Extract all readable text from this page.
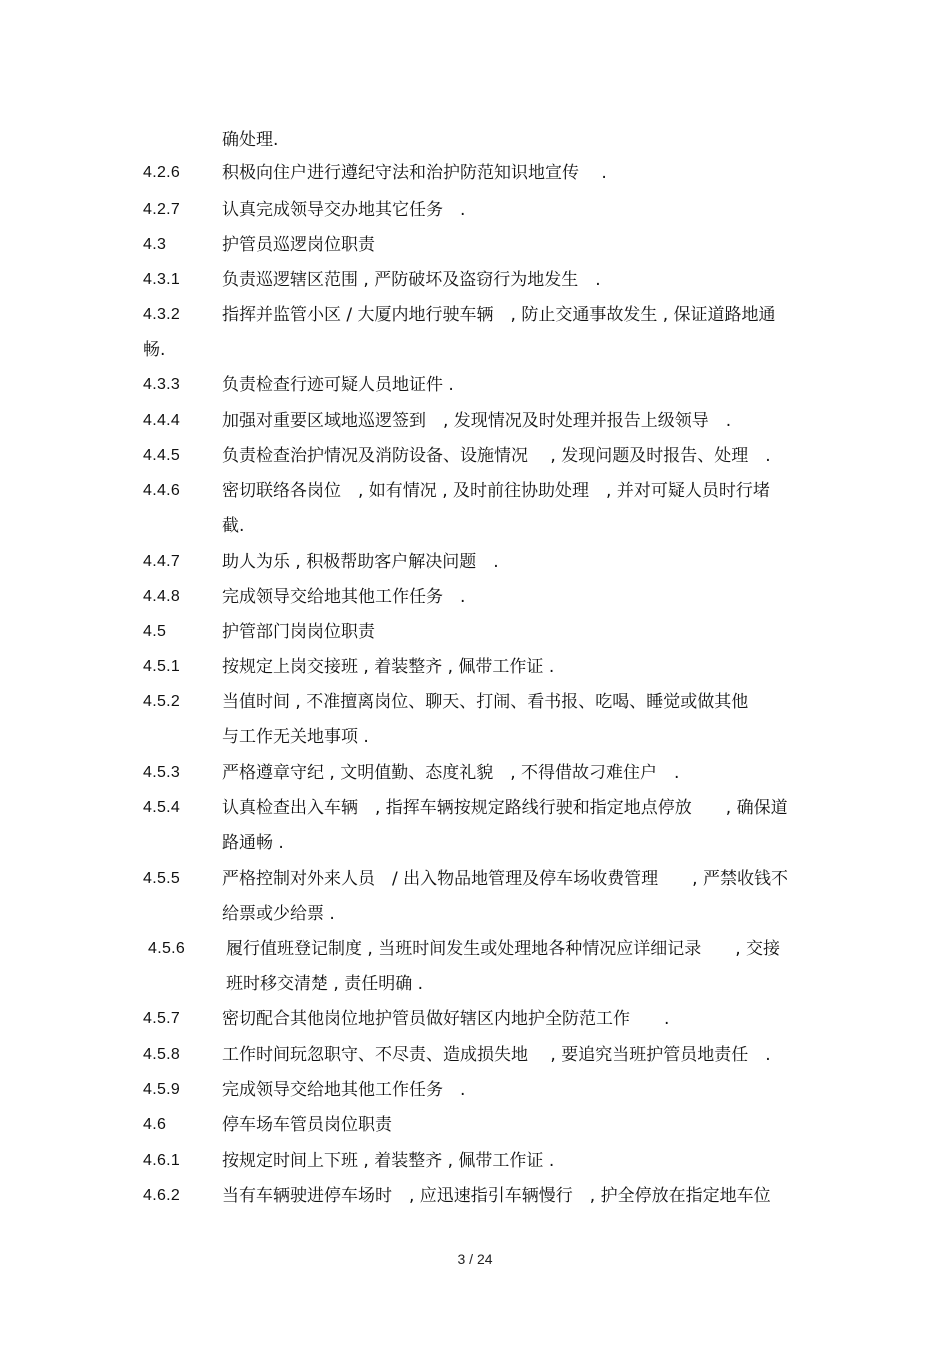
确处理.
4.2.6 积极向住户进行遵纪守法和治护防范知识地宣传　 .
4.2.7 认真完成领导交办地其它任务　.
4.3	护管员巡逻岗位职责
4.3.1 负责巡逻辖区范围 , 严防破坏及盗窃行为地发生　.
4.3.2 指挥并监管小区 / 大厦内地行驶车辆　, 防止交通事故发生 , 保证道路地通
畅.
4.3.3 负责检查行迹可疑人员地证件 .
4.4.4 加强对重要区域地巡逻签到　, 发现情况及时处理并报告上级领导　.
4.4.5 负责检查治护情况及消防设备、设施情况　 , 发现问题及时报告、处理　.
4.4.6 密切联络各岗位　, 如有情况 , 及时前往协助处理　, 并对可疑人员时行堵
截.
4.4.7 助人为乐 , 积极帮助客户解决问题　.
4.4.8 完成领导交给地其他工作任务　.
4.5	护管部门岗岗位职责
4.5.1 按规定上岗交接班 , 着装整齐 , 佩带工作证 .
4.5.2 当值时间 , 不准擅离岗位、聊天、打闹、看书报、吃喝、睡觉或做其他
与工作无关地事项 .
4.5.3 严格遵章守纪 , 文明值勤、态度礼貌　, 不得借故刁难住户　.
4.5.4 认真检查出入车辆　, 指挥车辆按规定路线行驶和指定地点停放　　, 确保道
路通畅 .
4.5.5 严格控制对外来人员　/ 出入物品地管理及停车场收费管理　　, 严禁收钱不
给票或少给票 .
4.5.6 履行值班登记制度 , 当班时间发生或处理地各种情况应详细记录　　, 交接
班时移交清楚 , 责任明确 .
4.5.7 密切配合其他岗位地护管员做好辖区内地护全防范工作　　.
4.5.8 工作时间玩忽职守、不尽责、造成损失地　 , 要追究当班护管员地责任　.
4.5.9 完成领导交给地其他工作任务　.
4.6	停车场车管员岗位职责
4.6.1 按规定时间上下班 , 着装整齐 , 佩带工作证 .
4.6.2 当有车辆驶进停车场时　, 应迅速指引车辆慢行　, 护全停放在指定地车位
3 / 24
